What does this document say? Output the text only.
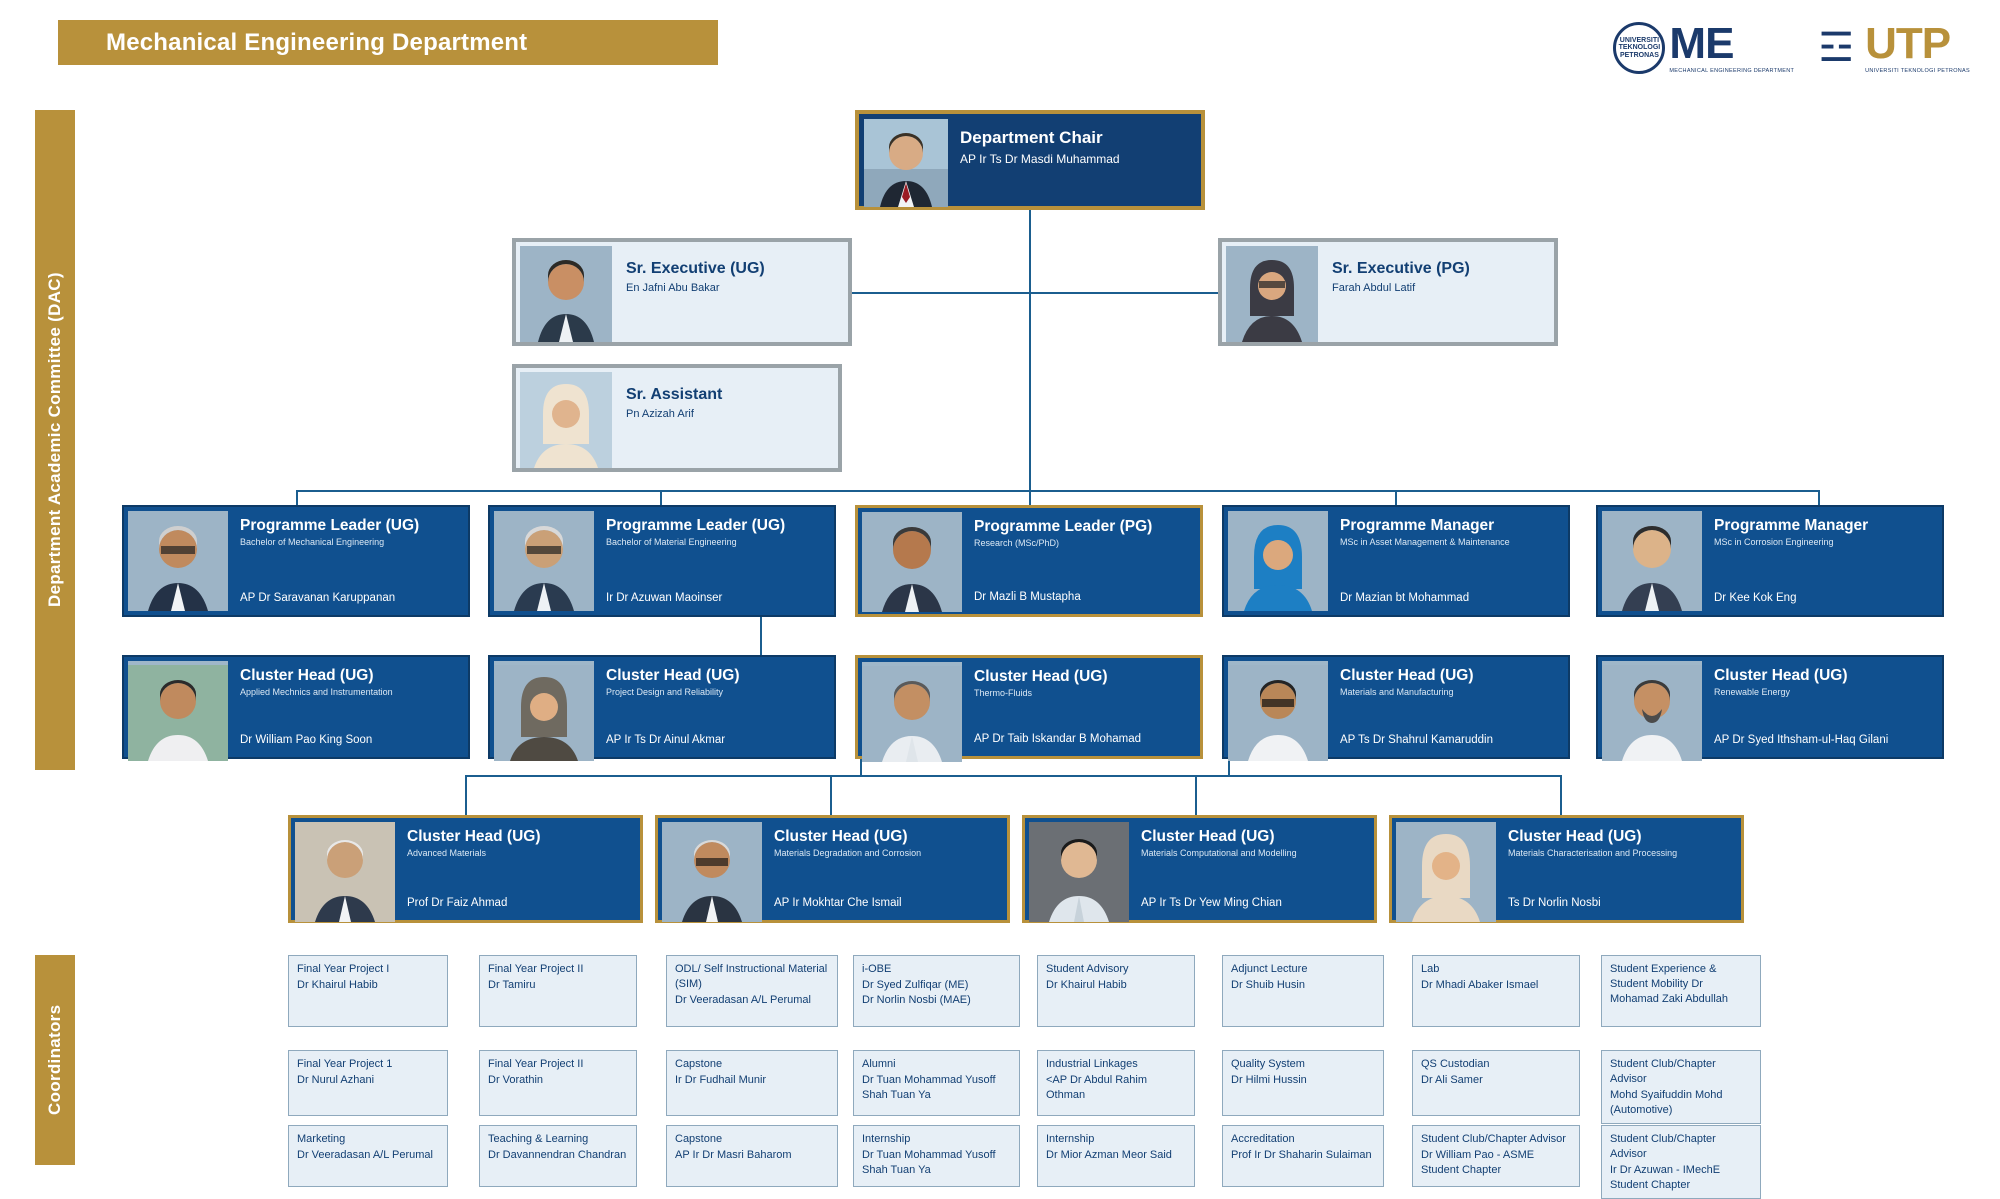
Mechanical Engineering Department	UNIVERSITI TEKNOLOGI PETRONAS ME
MECHANICAL ENGINEERING DEPARTMENT
☲ UTP
UNIVERSITI TEKNOLOGI PETRONAS
Department Academic Committee (DAC)
Coordinators
Department Chair
AP Ir Ts Dr Masdi Muhammad
Sr. Executive (UG)
En Jafni Abu Bakar
Sr. Executive (PG)
Farah Abdul Latif
Sr. Assistant
Pn Azizah Arif
Programme Leader (UG)
Bachelor of Mechanical Engineering
AP Dr Saravanan Karuppanan
Programme Leader (UG)
Bachelor of Material Engineering
Ir Dr Azuwan Maoinser
Programme Leader (PG)
Research (MSc/PhD)
Dr Mazli B Mustapha
Programme Manager
MSc in Asset Management & Maintenance
Dr Mazian bt Mohammad
Programme Manager
MSc in Corrosion Engineering
Dr Kee Kok Eng
Cluster Head (UG)
Applied Mechnics and Instrumentation
Dr William Pao King Soon
Cluster Head (UG)
Project Design and Reliability
AP Ir Ts Dr Ainul Akmar
Cluster Head (UG)
Thermo-Fluids
AP Dr Taib Iskandar B Mohamad
Cluster Head (UG)
Materials and Manufacturing
AP Ts Dr Shahrul Kamaruddin
Cluster Head (UG)
Renewable Energy
AP Dr Syed Ithsham-ul-Haq Gilani
Cluster Head (UG)
Advanced Materials
Prof Dr Faiz Ahmad
Cluster Head (UG)
Materials Degradation and Corrosion
AP Ir Mokhtar Che Ismail
Cluster Head (UG)
Materials Computational and Modelling
AP Ir Ts Dr Yew Ming Chian
Cluster Head (UG)
Materials Characterisation and Processing
Ts Dr Norlin Nosbi
Final Year Project I
Dr Khairul Habib
Final Year Project II
Dr Tamiru
ODL/ Self Instructional Material (SIM)
Dr Veeradasan A/L Perumal
i-OBE
Dr Syed Zulfiqar (ME)
Dr Norlin Nosbi (MAE)
Student Advisory
Dr Khairul Habib
Adjunct Lecture
Dr Shuib Husin
Lab
Dr Mhadi Abaker Ismael
Student Experience & Student Mobility Dr Mohamad Zaki Abdullah
Final Year Project 1
Dr Nurul Azhani
Final Year Project II
Dr Vorathin
Capstone
Ir Dr Fudhail Munir
Alumni
Dr Tuan Mohammad Yusoff Shah Tuan Ya
Industrial Linkages
<AP Dr Abdul Rahim Othman
Quality System
Dr Hilmi Hussin
QS Custodian
Dr Ali Samer
Student Club/Chapter Advisor
Mohd Syaifuddin Mohd (Automotive)
Marketing
Dr Veeradasan A/L Perumal
Teaching & Learning
Dr Davannendran Chandran
Capstone
AP Ir Dr Masri Baharom
Internship
Dr Tuan Mohammad Yusoff Shah Tuan Ya
Internship
Dr Mior Azman Meor Said
Accreditation
Prof Ir Dr Shaharin Sulaiman
Student Club/Chapter Advisor
Dr William Pao - ASME Student Chapter
Student Club/Chapter Advisor
Ir Dr Azuwan - IMechE Student Chapter
